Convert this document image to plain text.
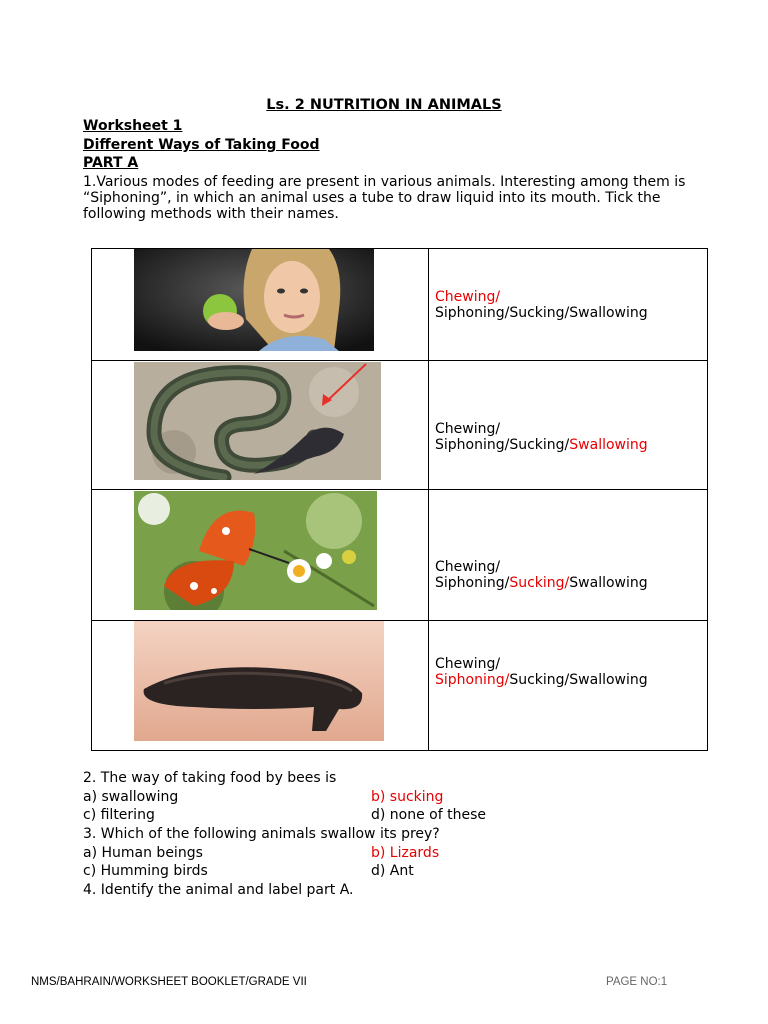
Ls. 2 NUTRITION IN ANIMALS
Worksheet 1
Different Ways of Taking Food
PART A
1.Various modes of feeding are present in various animals. Interesting among them is “Siphoning”, in which an animal uses a tube to draw liquid into its mouth. Tick the following methods with their names.

Chewing/
Siphoning/Sucking/Swallowing

Chewing/
Siphoning/Sucking/Swallowing

Chewing/
Siphoning/Sucking/Swallowing

Chewing/
Siphoning/Sucking/Swallowing
2. The way of taking food by bees is
a) swallowing	b) sucking
c) filtering	d) none of these
3. Which of the following animals swallow its prey?
a) Human beings	b) Lizards
c) Humming birds	d) Ant
4. Identify the animal and label part A.
NMS/BAHRAIN/WORKSHEET BOOKLET/GRADE VII	PAGE NO:1
